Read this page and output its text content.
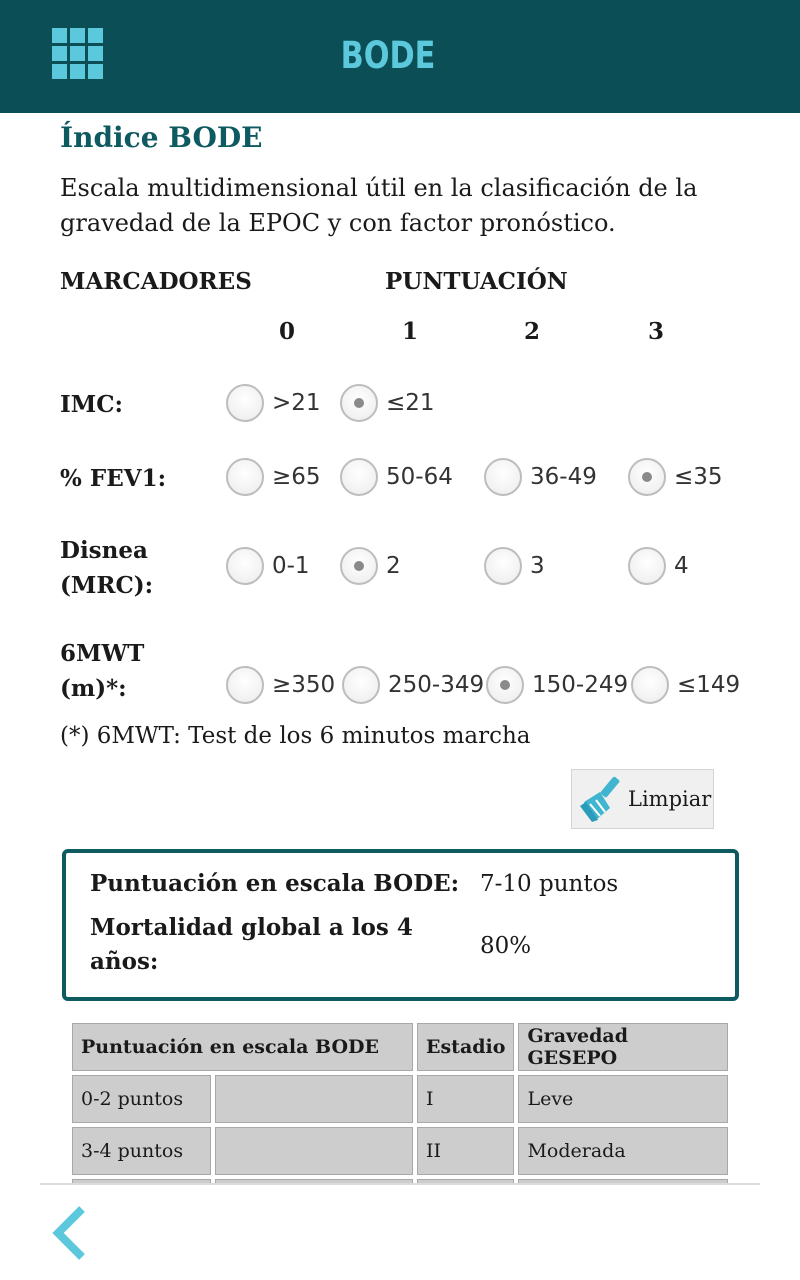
BODE
Índice BODE
Escala multidimensional útil en la clasificación de la gravedad de la EPOC y con factor pronóstico.
MARCADORES	PUNTUACIÓN
0	1	2	3
IMC:	>21	≤21
% FEV1:	≥65	50-64	36-49	≤35
Disnea
(MRC):
0-1	2	3	4
6MWT
(m)*:	≥350 250-349 150-249 ≤149
(*) 6MWT: Test de los 6 minutos marcha
Limpiar
Puntuación en escala BODE: 7-10 puntos
Mortalidad global a los 4
años:
80%
Puntuación en escala BODE		Estadio	Gravedad GESEPO
0-2 puntos		I	Leve
3-4 puntos		II	Moderada
